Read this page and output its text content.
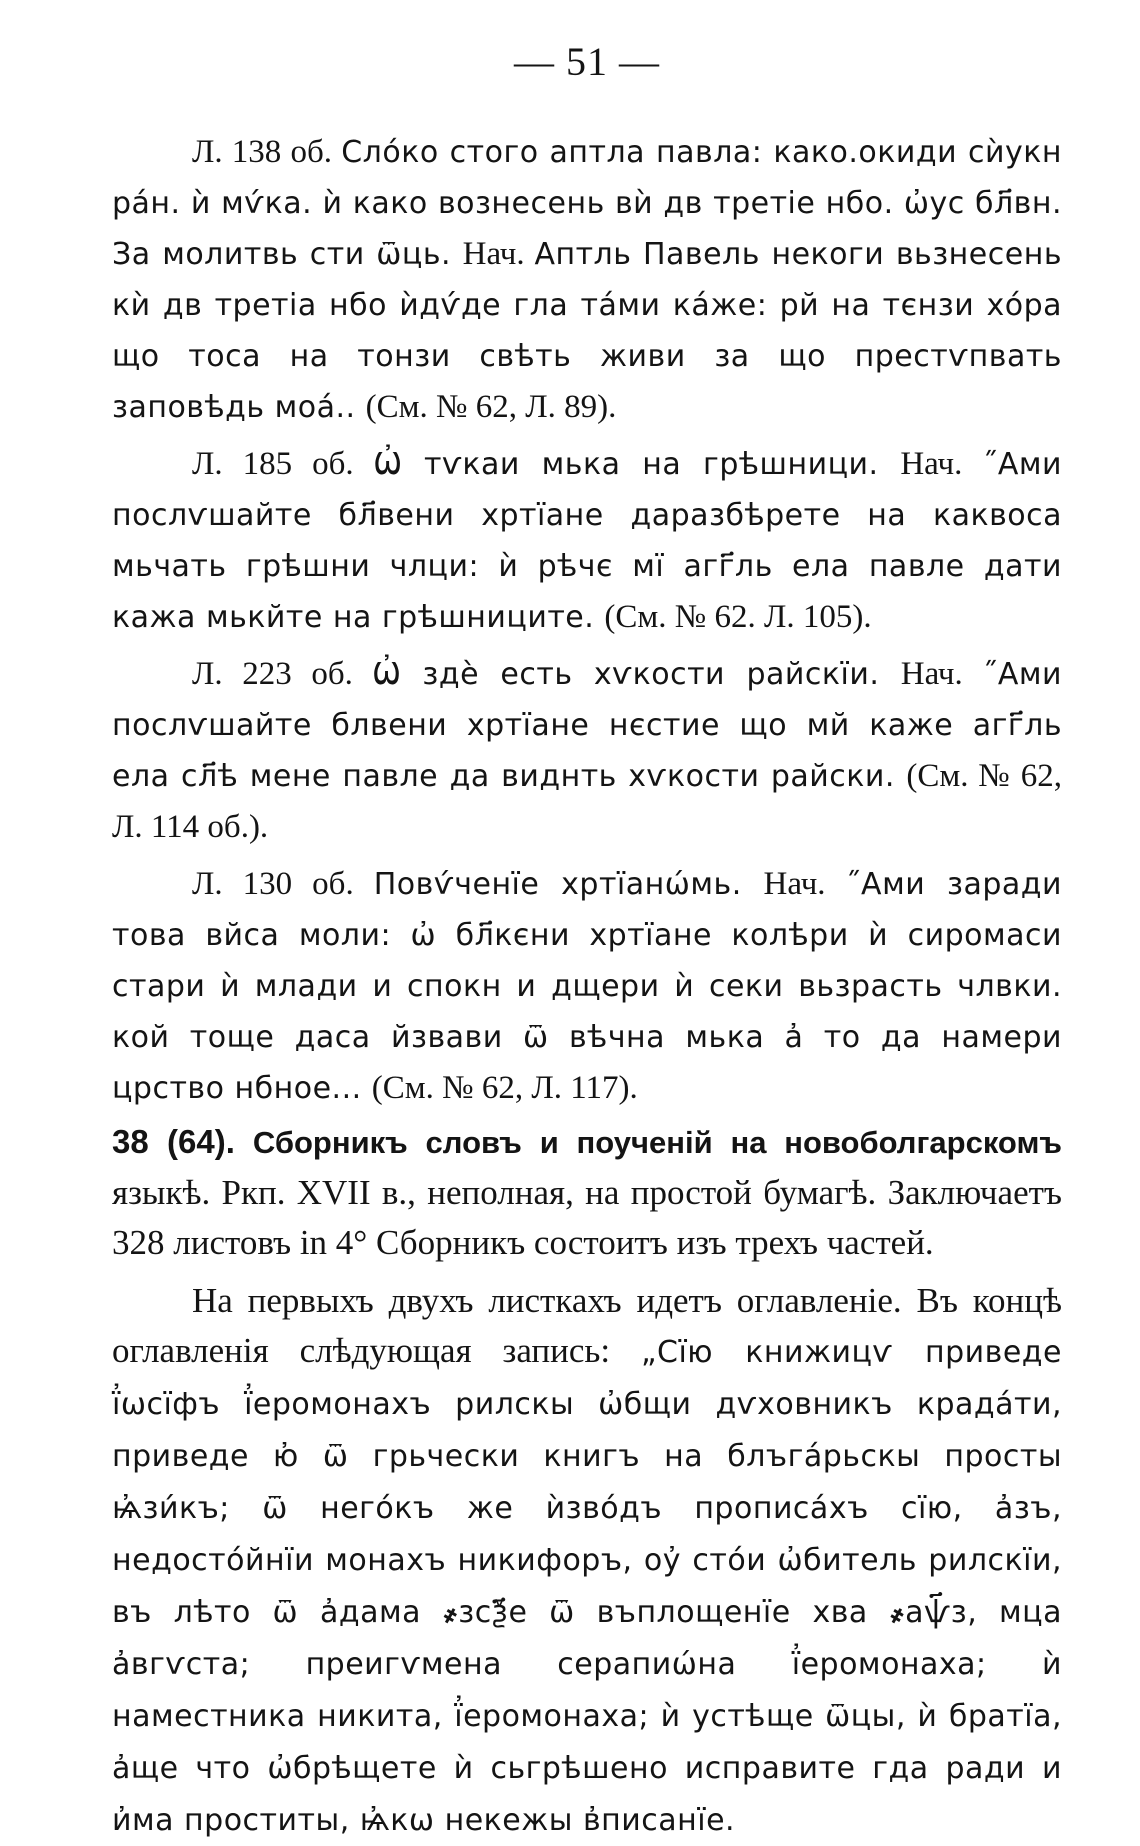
— 51 —

Л. 138 об. Слóко стого аптла павла: како.окиди сѝукн рáн. ѝ мѵ́ка. ѝ како вознесень вѝ дв третіе нбо. ѡ҆ус бл҃вн. За молитвь сти ѿць. Нач. Аптль Павель некоги вьзнесень кѝ дв третіа нбо ѝдѵ́де гла тáми кáже: рй на тєнзи хóра що тоса на тонзи свѣть живи за що престѵпвать заповѣдь моá.. (См. № 62, Л. 89).

Л. 185 об. Ѡ҆ тѵкаи мька на грѣшници. Нач. ˝Ами послѵшайте бл҃вени хртїане даразбѣрете на каквоса мьчать грѣшни члци: ѝ рѣчє мї агг҃ль ела павле дати кажа мькйте на грѣшниците. (См. № 62. Л. 105).

Л. 223 об. Ѡ҆ здѐ есть хѵкости райскїи. Нач. ˝Ами послѵшайте блвени хртїане нєстие що мй каже агг҃ль ела сл҃ѣ мене павле да виднть хѵкости райски. (См. № 62, Л. 114 об.).

Л. 130 об. Повѵ́ченїе хртїанѡ́мь. Нач. ˝Ами заради това вйса моли: ѡ҆ бл҃кєни хртїане колѣри ѝ сиромаси стари ѝ млади и спокн и дщери ѝ секи вьзрасть члвки. кой тоще даса йзвави ѿ вѣчна мька а҆ то да намери црство нбное... (См. № 62, Л. 117).

38 (64). Сборникъ словъ и поученій на новоболгарскомъ языкѣ. Ркп. XVII в., неполная, на простой бумагѣ. Заключаетъ 328 листовъ in 4° Сборникъ состоитъ изъ трехъ частей.

На первыхъ двухъ листкахъ идетъ оглавленіе. Въ концѣ оглавленія слѣдующая запись: „Сїю книжицѵ приведе ї҆ѡсїфъ ї҆еромонахъ рилскы ѡ҆бщи дѵховникъ крадáти, приведе ю҆ ѿ грьчески книгъ на блъгáрьскы просты ѩ҆зи́къ; ѿ негóкъ же ѝзвóдъ прописáхъ сїю, а҆зъ, недостóйнїи монахъ никифоръ, оу҆ стóи ѡ҆битель рилскїи, въ лѣто ѿ а҆дама ҂зсѯ҃е ѿ въплощенїе хва ҂аѱ҃з, мца а҆вгѵста; преигѵмена серапиѡ́на ї҆еромонаха; ѝ наместника никита, ї҆еромонаха; ѝ устѣще ѿцы, ѝ братїа, а҆ще что ѡ҆брѣщете ѝ сьгрѣшено исправите гда ради и и҆ма проститы, ѩ҆кѡ некежы в҆писанїе.
